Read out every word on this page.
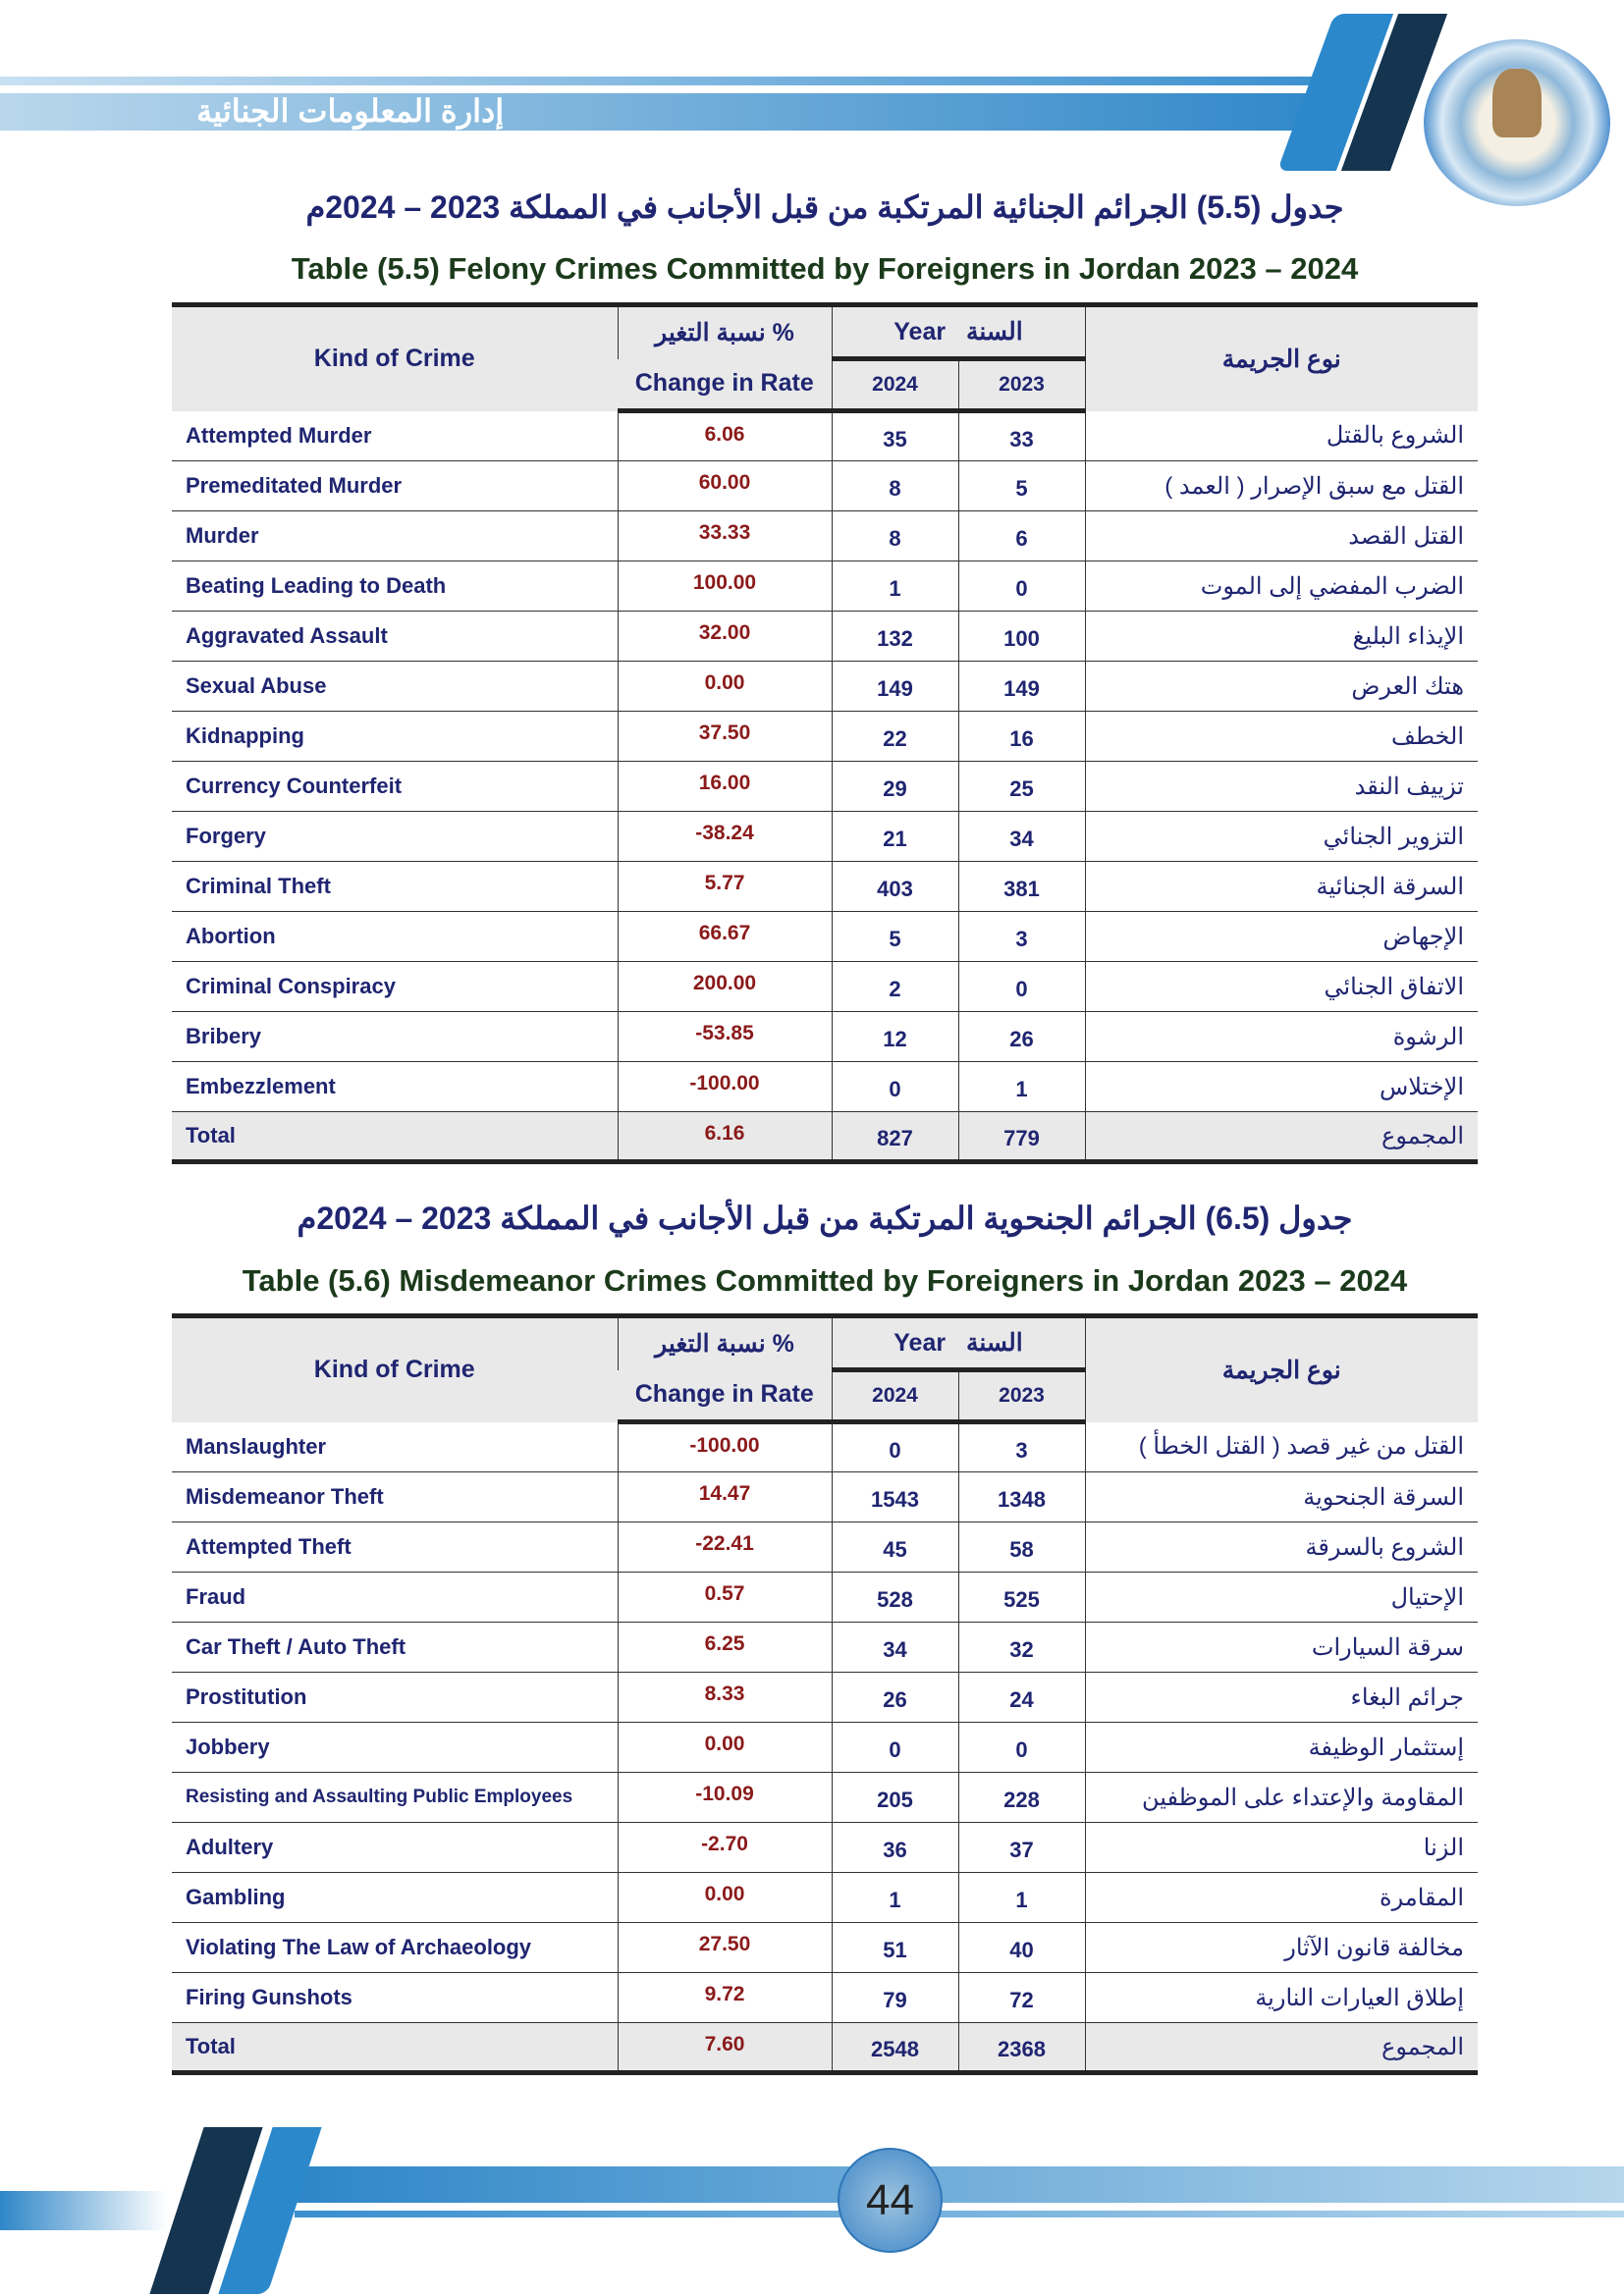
إدارة المعلومات الجنائية
جدول (5.5) الجرائم الجنائية المرتكبة من قبل الأجانب في المملكة 2023 – 2024م
Table (5.5) Felony Crimes Committed by Foreigners in Jordan 2023 – 2024
Kind of Crime	نسبة التغير %	Year السنة		نوع الجريمة
	Change in Rate	2024	2023	
Attempted Murder	6.06	35	33	الشروع بالقتل
Premeditated Murder	60.00	8	5	القتل مع سبق الإصرار ( العمد )
Murder	33.33	8	6	القتل القصد
Beating Leading to Death	100.00	1	0	الضرب المفضي إلى الموت
Aggravated Assault	32.00	132	100	الإيذاء البليغ
Sexual Abuse	0.00	149	149	هتك العرض
Kidnapping	37.50	22	16	الخطف
Currency Counterfeit	16.00	29	25	تزييف النقد
Forgery	-38.24	21	34	التزوير الجنائي
Criminal Theft	5.77	403	381	السرقة الجنائية
Abortion	66.67	5	3	الإجهاض
Criminal Conspiracy	200.00	2	0	الاتفاق الجنائي
Bribery	-53.85	12	26	الرشوة
Embezzlement	-100.00	0	1	الإختلاس
Total	6.16	827	779	المجموع
جدول (6.5) الجرائم الجنحوية المرتكبة من قبل الأجانب في المملكة 2023 – 2024م
Table (5.6) Misdemeanor Crimes Committed by Foreigners in Jordan 2023 – 2024
Kind of Crime	نسبة التغير %	Year السنة		نوع الجريمة
	Change in Rate	2024	2023	
Manslaughter	-100.00	0	3	القتل من غير قصد ( القتل الخطأ )
Misdemeanor Theft	14.47	1543	1348	السرقة الجنحوية
Attempted Theft	-22.41	45	58	الشروع بالسرقة
Fraud	0.57	528	525	الإحتيال
Car Theft / Auto Theft	6.25	34	32	سرقة السيارات
Prostitution	8.33	26	24	جرائم البغاء
Jobbery	0.00	0	0	إستثمار الوظيفة
Resisting and Assaulting Public Employees	-10.09	205	228	المقاومة والإعتداء على الموظفين
Adultery	-2.70	36	37	الزنا
Gambling	0.00	1	1	المقامرة
Violating The Law of Archaeology	27.50	51	40	مخالفة قانون الآثار
Firing Gunshots	9.72	79	72	إطلاق العيارات النارية
Total	7.60	2548	2368	المجموع
44
